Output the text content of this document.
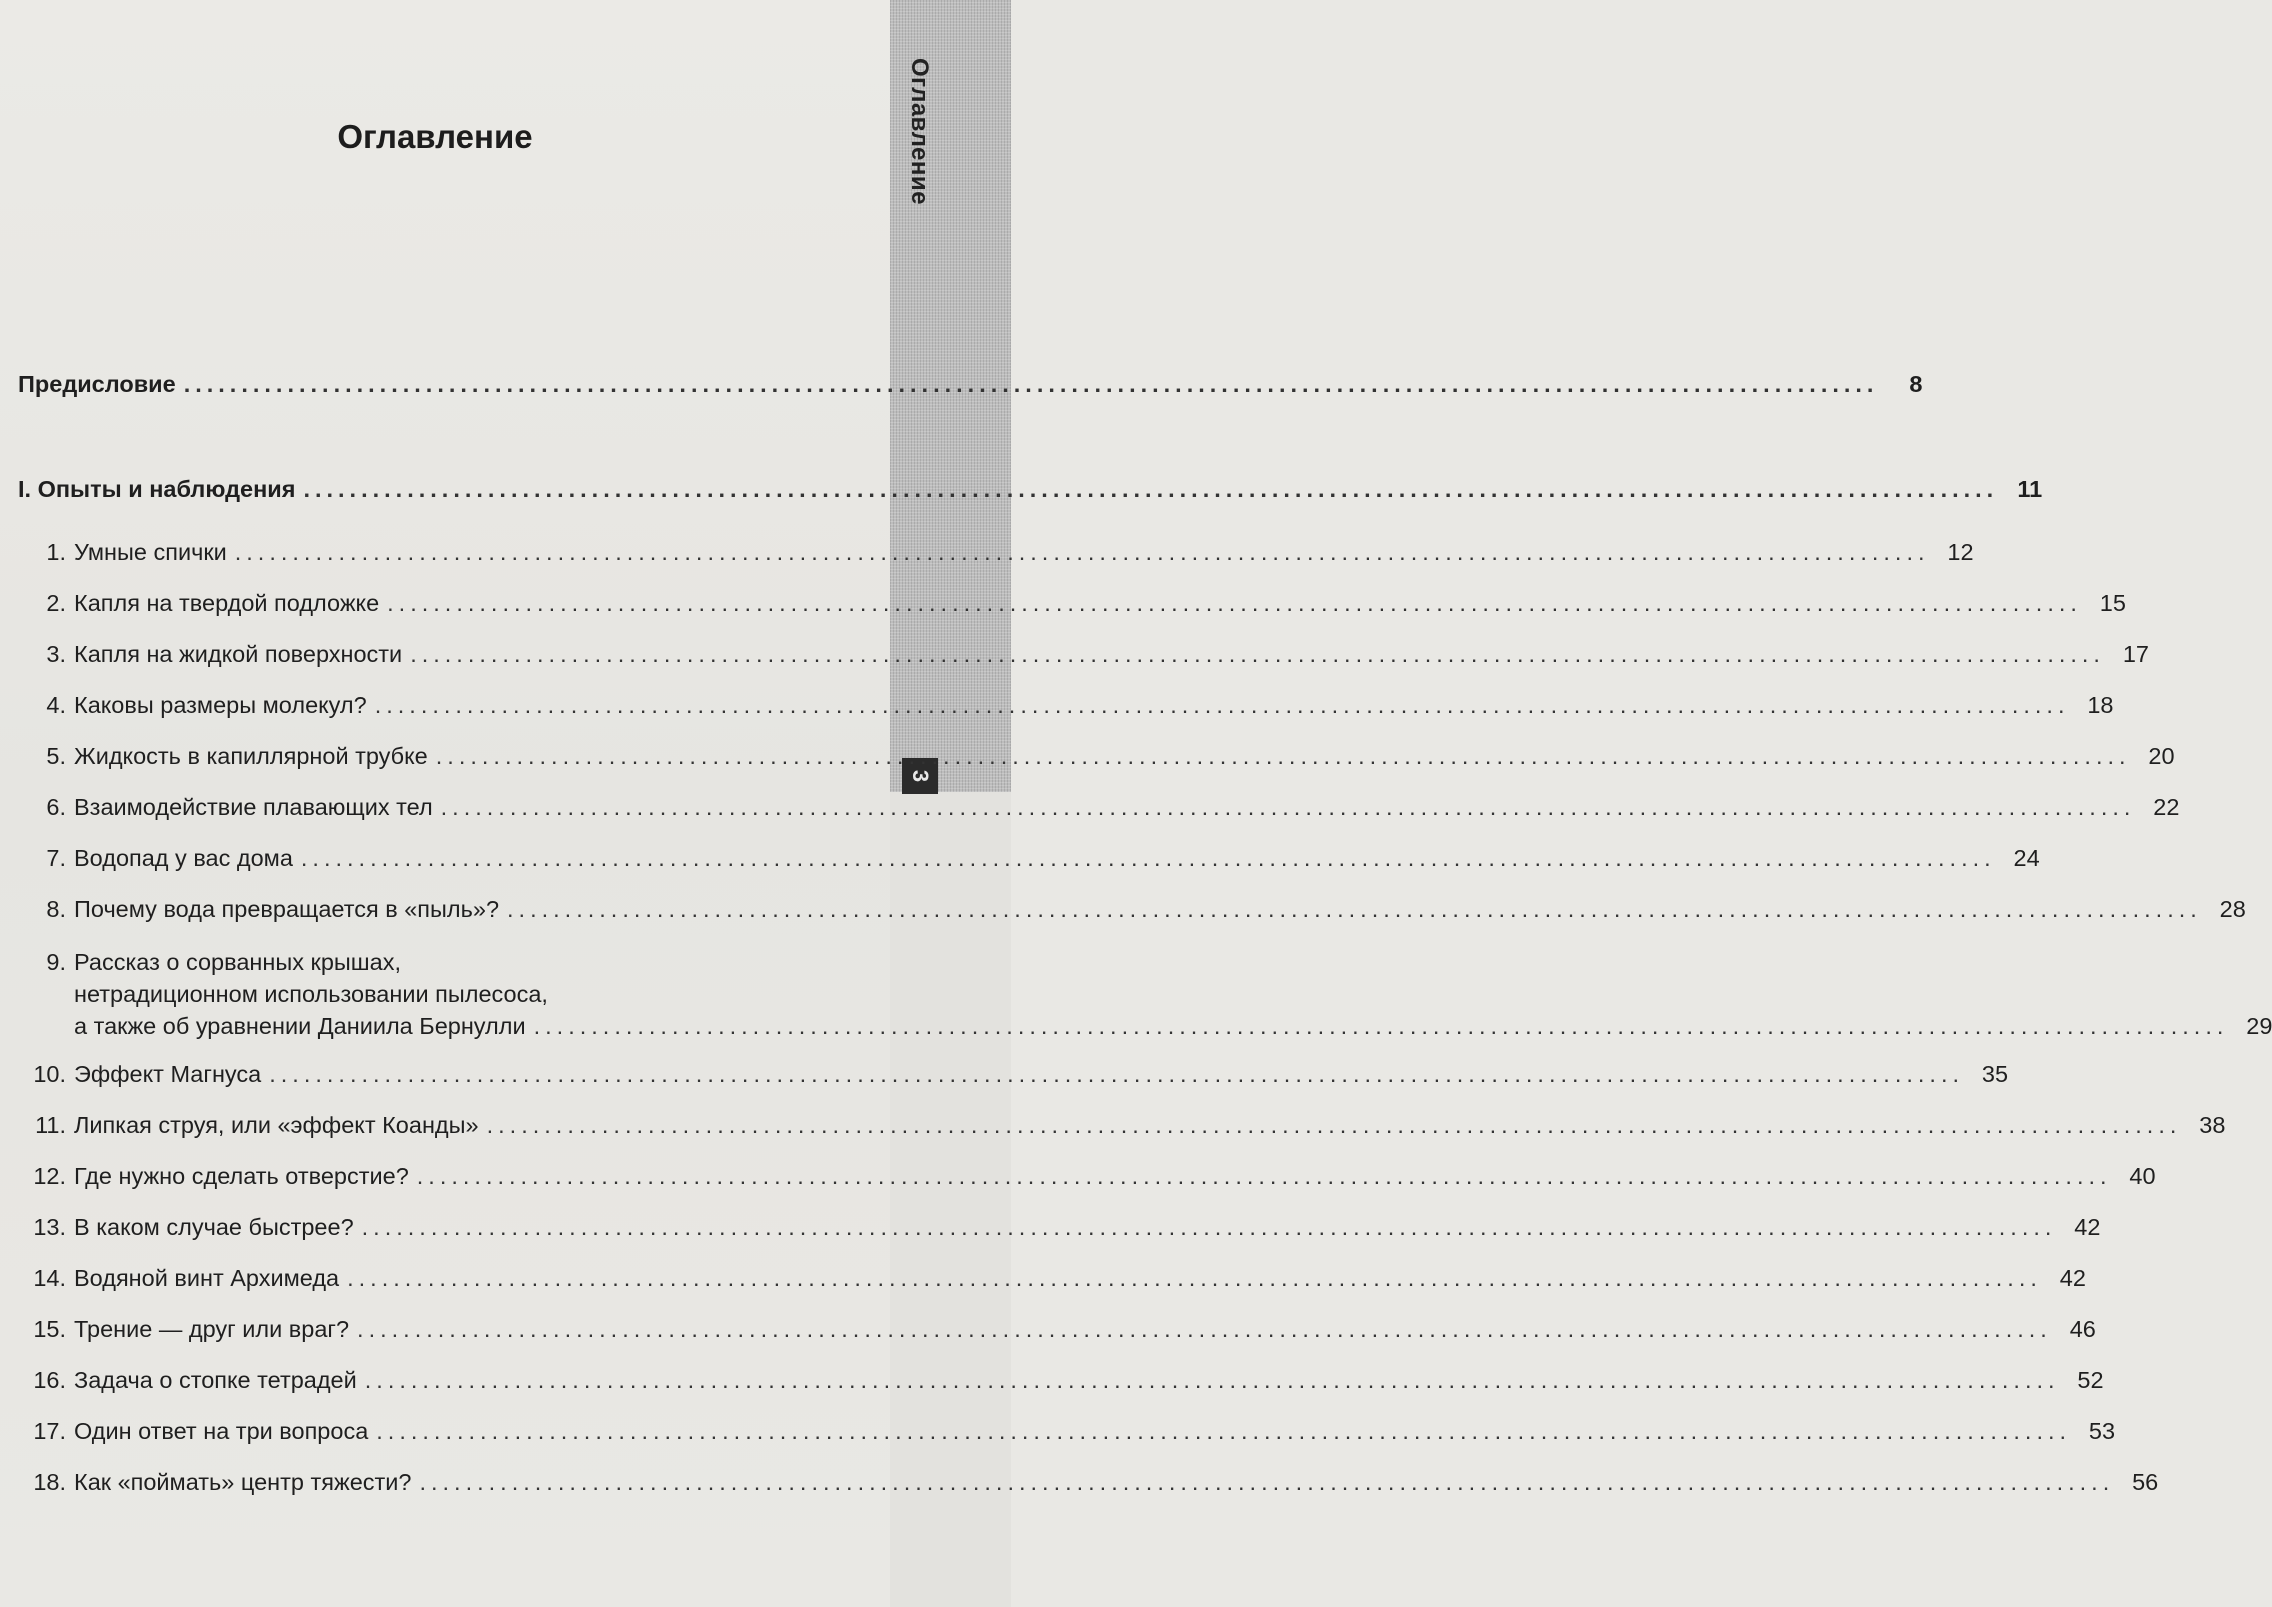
Оглавление
3
Оглавление
Предисловие ...................................................................................................................................................	8
I. Опыты и наблюдения ................................................................................................................................................... 11
1. Умные спички ................................................................................................................................................... 12
2. Капля на твердой подложке ................................................................................................................................................... 15
3. Капля на жидкой поверхности ................................................................................................................................................... 17
4. Каковы размеры молекул? ................................................................................................................................................... 18
5. Жидкость в капиллярной трубке ................................................................................................................................................... 20
6. Взаимодействие плавающих тел ................................................................................................................................................... 22
7. Водопад у вас дома ................................................................................................................................................... 24
8. Почему вода превращается в «пыль»? ................................................................................................................................................... 28
9. Рассказ о сорванных крышах,
нетрадиционном использовании пылесоса,
а также об уравнении Даниила Бернулли ................................................................................................................................................... 29
10. Эффект Магнуса ................................................................................................................................................... 35
11. Липкая струя, или «эффект Коанды» ................................................................................................................................................... 38
12. Где нужно сделать отверстие? ................................................................................................................................................... 40
13. В каком случае быстрее? ................................................................................................................................................... 42
14. Водяной винт Архимеда ................................................................................................................................................... 42
15. Трение — друг или враг? ................................................................................................................................................... 46
16. Задача о стопке тетрадей ................................................................................................................................................... 52
17. Один ответ на три вопроса ................................................................................................................................................... 53
18. Как «поймать» центр тяжести? ................................................................................................................................................... 56
